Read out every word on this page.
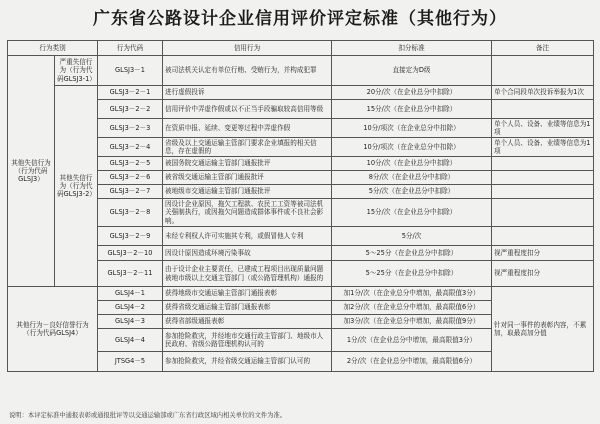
广东省公路设计企业信用评价评定标准（其他行为）
行为类别		行为代码	信用行为	扣分标准	备注
其他失信行为（行为代码GLSJ3）	严重失信行为（行为代码GLSJ3-1）	GLSJ3－1	被司法机关认定有单位行贿、受贿行为，并构成犯罪	直接定为D级	
	其他失信行为（行为代码GLSJ3-2）	GLSJ3－2－1	进行虚假投诉	20分/次（在企业总分中扣除）	单个合同段单次投诉举报为1次
		GLSJ3－2－2	信用评价中弄虚作假或以不正当手段骗取较高信用等级	15分/次（在企业总分中扣除）	
		GLSJ3－2－3	在资质申报、延续、变更等过程中弄虚作假	10分/项次（在企业总分中扣除）	单个人员、设备、业绩等信息为1项
		GLSJ3－2－4	省级及以上交通运输主管部门要求企业填报的相关信息，存在虚假的	10分/项次（在企业总分中扣除）	单个人员、设备、业绩等信息为1项
		GLSJ3－2－5	被国务院交通运输主管部门通报批评	10分/次（在企业总分中扣除）	
		GLSJ3－2－6	被省级交通运输主管部门通报批评	8分/次（在企业总分中扣除）	
		GLSJ3－2－7	被地级市交通运输主管部门通报批评	5分/次（在企业总分中扣除）	
		GLSJ3－2－8	因设计企业原因，拖欠工程款、农民工工资等被司法机关强制执行，或因拖欠问题造成群体事件或不良社会影响。	15分/次（在企业总分中扣除）	
		GLSJ3－2－9	未经专利权人许可实施其专利，或假冒他人专利	5分/次	
		GLSJ3－2－10	因设计原因造成环境污染事故	5～25分（在企业总分中扣除）	视严重程度扣分
		GLSJ3－2－11	由于设计企业主要责任，已建成工程项目出现质量问题被地市级以上交通主管部门（或公路管理机构）通报的	5～25分（在企业总分中扣除）	视严重程度扣分
其他行为－良好信誉行为（行为代码GLSJ4）		GLSJ4－1	获得地级市交通运输主管部门通报表彰	加1分/次（在企业总分中增加，最高限值3分）	针对同一事件的表彰内容，不累加，取最高加分值
		GLSJ4－2	获得省级交通运输主管部门通报表彰	加2分/次（在企业总分中增加，最高限值6分）	
		GLSJ4－3	获得省部级通报表彰	加3分/次（在企业总分中增加，最高限值9分）	
		GLSJ4－4	参加抢险救灾，并经地市交通行政主管部门、地级市人民政府、省级公路管理机构认可的	1分/次（在企业总分中增加，最高限值3分）	
		JTSG4－5	参加抢险救灾，并经省级交通运输主管部门认可的	2分/次（在企业总分中增加，最高限值6分）	
说明：本评定标准中通报表彰或通报批评等以交通运输部或广东省行政区域内相关单位的文件为准。
